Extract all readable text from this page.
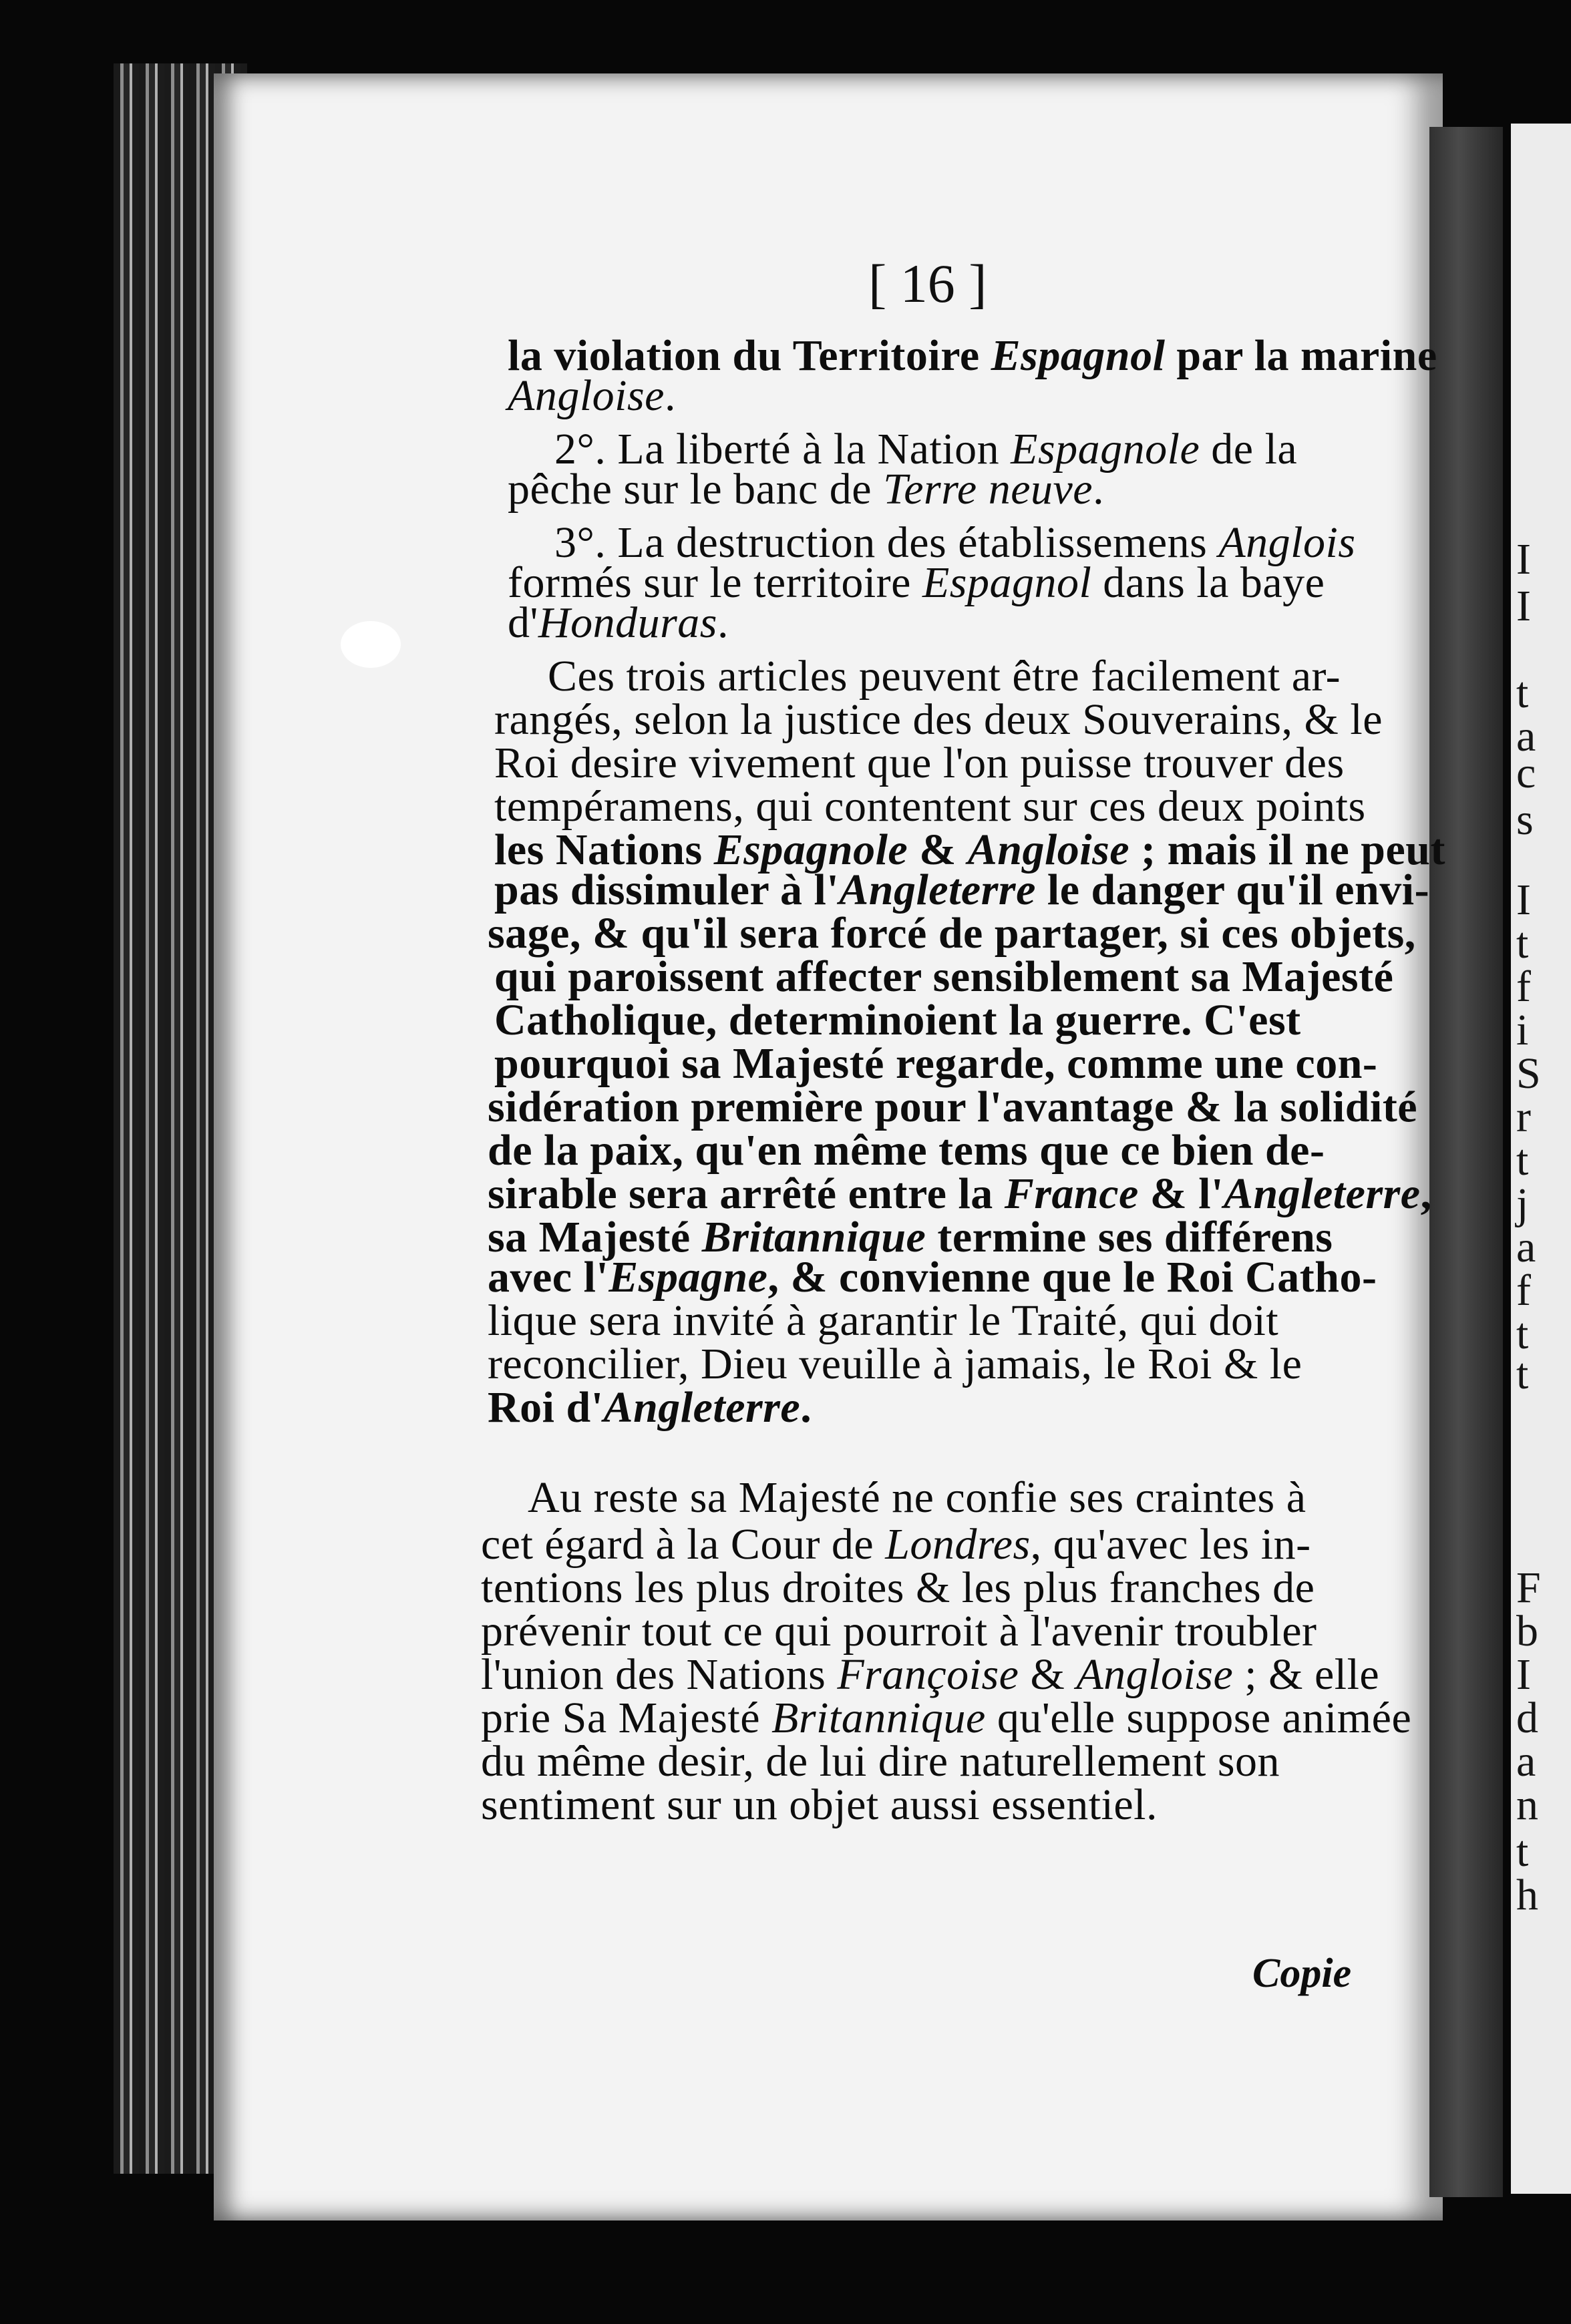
I
I
t
a
c
s
I
t
f
i
S
r
t
j
a
f
t
t
F
b
I
d
a
n
t
h
[ 16 ]
la violation du Territoire Espagnol par la marine
Angloise.
2°. La liberté à la Nation Espagnole de la
pêche sur le banc de Terre neuve.
3°. La destruction des établissemens Anglois
formés sur le territoire Espagnol dans la baye
d'Honduras.
Ces trois articles peuvent être facilement ar-
rangés, selon la justice des deux Souverains, & le
Roi desire vivement que l'on puisse trouver des
tempéramens, qui contentent sur ces deux points
les Nations Espagnole & Angloise ; mais il ne peut
pas dissimuler à l'Angleterre le danger qu'il envi-
sage, & qu'il sera forcé de partager, si ces objets,
qui paroissent affecter sensiblement sa Majesté
Catholique, determinoient la guerre. C'est
pourquoi sa Majesté regarde, comme une con-
sidération première pour l'avantage & la solidité
de la paix, qu'en même tems que ce bien de-
sirable sera arrêté entre la France & l'Angleterre,
sa Majesté Britannique termine ses différens
avec l'Espagne, & convienne que le Roi Catho-
lique sera invité à garantir le Traité, qui doit
reconcilier, Dieu veuille à jamais, le Roi & le
Roi d'Angleterre.
Au reste sa Majesté ne confie ses craintes à
cet égard à la Cour de Londres, qu'avec les in-
tentions les plus droites & les plus franches de
prévenir tout ce qui pourroit à l'avenir troubler
l'union des Nations Françoise & Angloise ; & elle
prie Sa Majesté Britannique qu'elle suppose animée
du même desir, de lui dire naturellement son
sentiment sur un objet aussi essentiel.
Copie
